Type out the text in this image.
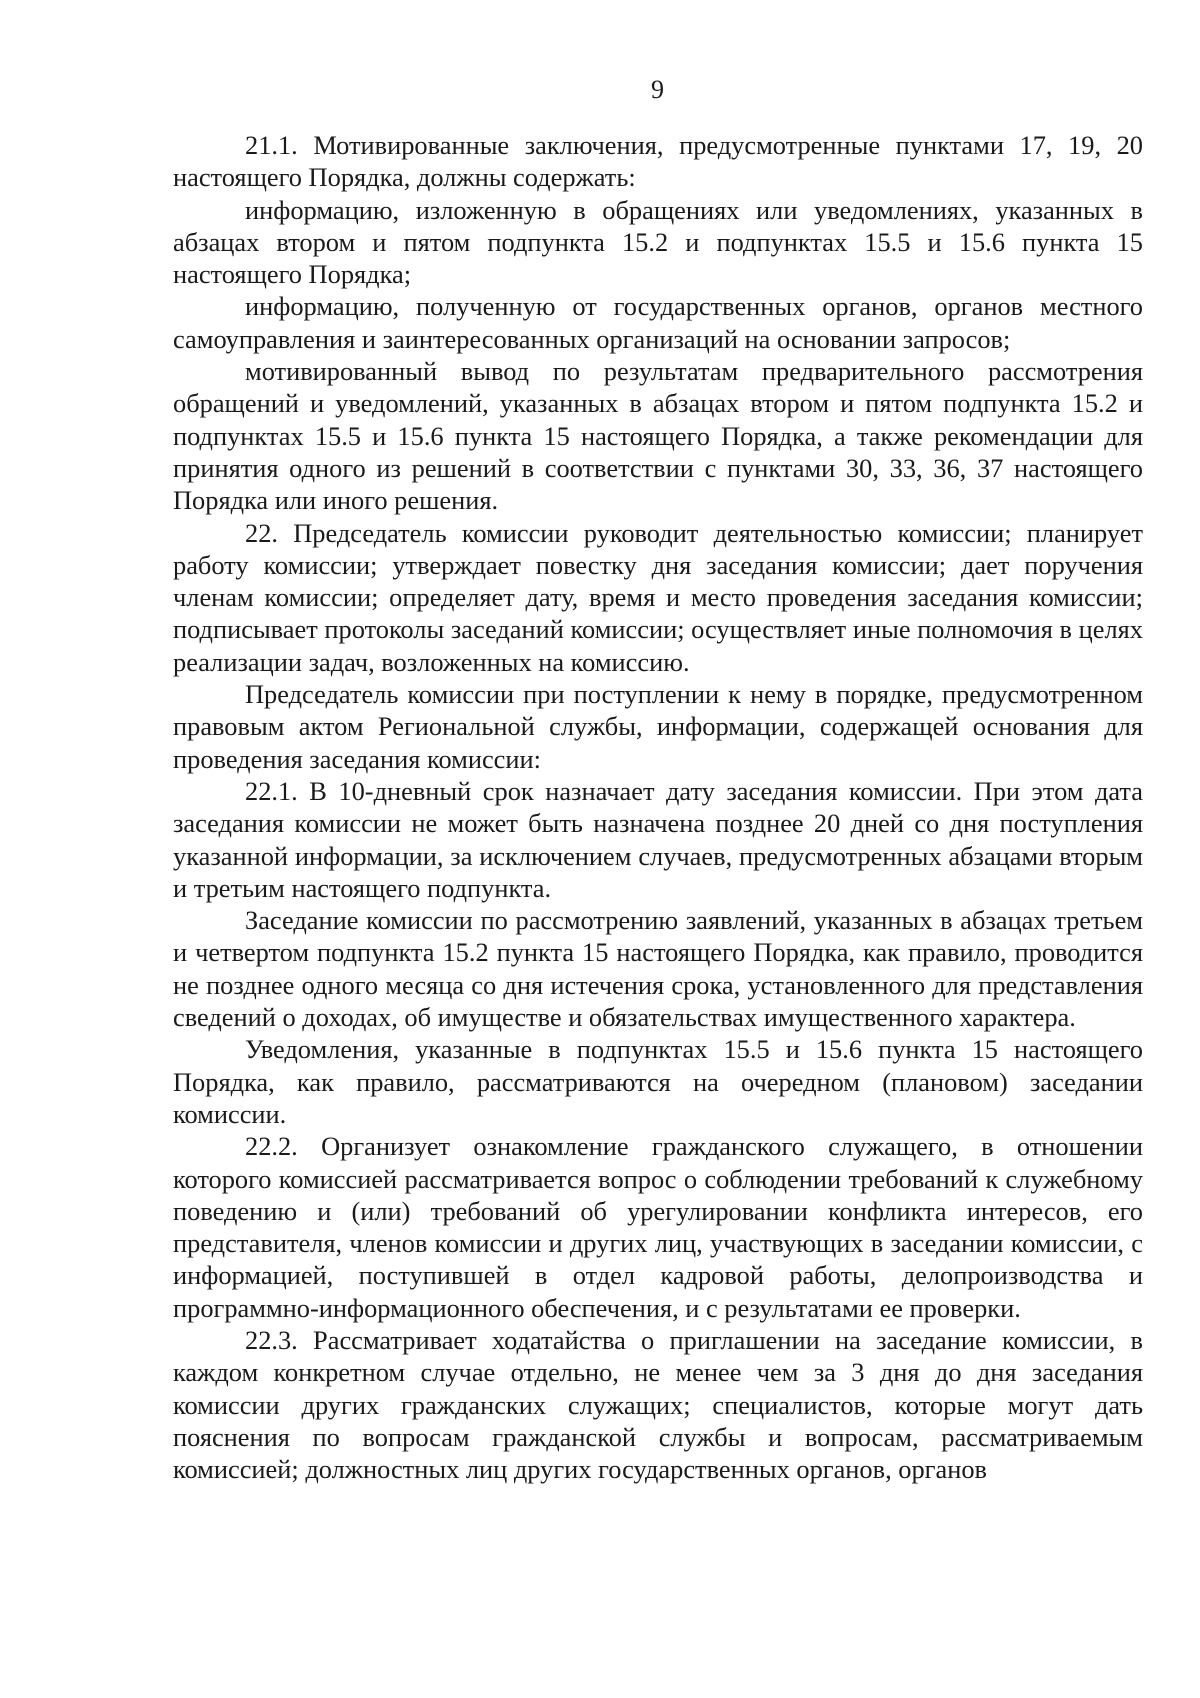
9

21.1. Мотивированные заключения, предусмотренные пунктами 17, 19, 20 настоящего Порядка, должны содержать:

информацию, изложенную в обращениях или уведомлениях, указанных в абзацах втором и пятом подпункта 15.2 и подпунктах 15.5 и 15.6 пункта 15 настоящего Порядка;

информацию, полученную от государственных органов, органов местного самоуправления и заинтересованных организаций на основании запросов;

мотивированный вывод по результатам предварительного рассмотрения обращений и уведомлений, указанных в абзацах втором и пятом подпункта 15.2 и подпунктах 15.5 и 15.6 пункта 15 настоящего Порядка, а также рекомендации для принятия одного из решений в соответствии с пунктами 30, 33, 36, 37 настоящего Порядка или иного решения.

22. Председатель комиссии руководит деятельностью комиссии; планирует работу комиссии; утверждает повестку дня заседания комиссии; дает поручения членам комиссии; определяет дату, время и место проведения заседания комиссии; подписывает протоколы заседаний комиссии; осуществляет иные полномочия в целях реализации задач, возложенных на комиссию.

Председатель комиссии при поступлении к нему в порядке, предусмотренном правовым актом Региональной службы, информации, содержащей основания для проведения заседания комиссии:

22.1. В 10-дневный срок назначает дату заседания комиссии. При этом дата заседания комиссии не может быть назначена позднее 20 дней со дня поступления указанной информации, за исключением случаев, предусмотренных абзацами вторым и третьим настоящего подпункта.

Заседание комиссии по рассмотрению заявлений, указанных в абзацах третьем и четвертом подпункта 15.2 пункта 15 настоящего Порядка, как правило, проводится не позднее одного месяца со дня истечения срока, установленного для представления сведений о доходах, об имуществе и обязательствах имущественного характера.

Уведомления, указанные в подпунктах 15.5 и 15.6 пункта 15 настоящего Порядка, как правило, рассматриваются на очередном (плановом) заседании комиссии.

22.2. Организует ознакомление гражданского служащего, в отношении которого комиссией рассматривается вопрос о соблюдении требований к служебному поведению и (или) требований об урегулировании конфликта интересов, его представителя, членов комиссии и других лиц, участвующих в заседании комиссии, с информацией, поступившей в отдел кадровой работы, делопроизводства и программно-информационного обеспечения, и с результатами ее проверки.

22.3. Рассматривает ходатайства о приглашении на заседание комиссии, в каждом конкретном случае отдельно, не менее чем за 3 дня до дня заседания комиссии других гражданских служащих; специалистов, которые могут дать пояснения по вопросам гражданской службы и вопросам, рассматриваемым комиссией; должностных лиц других государственных органов, органов
